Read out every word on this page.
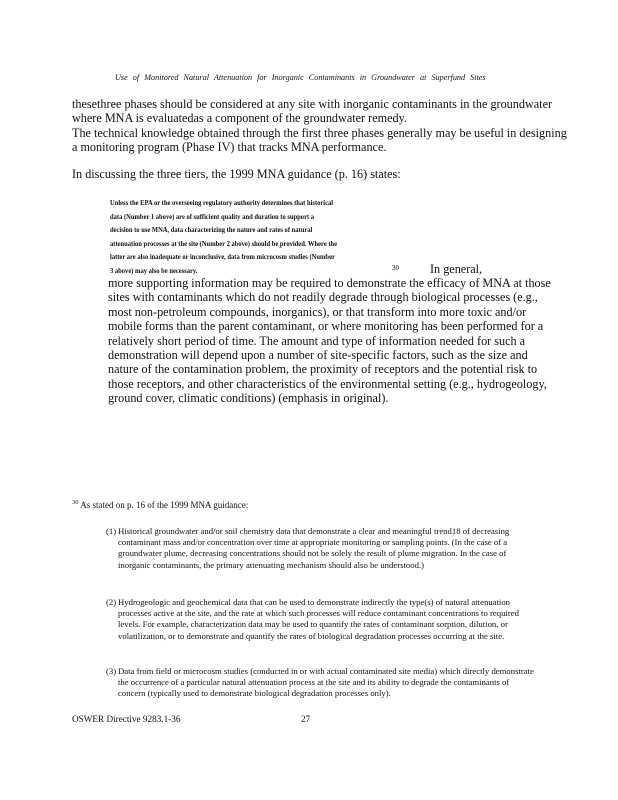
Use of Monitored Natural Attenuation for Inorganic Contaminants in Groundwater at Superfund Sites
thesethree phases should be considered at any site with inorganic contaminants in the groundwater where MNA is evaluatedas a component of the groundwater remedy.
The technical knowledge obtained through the first three phases generally may be useful in designing a monitoring program (Phase IV) that tracks MNA performance.
In discussing the three tiers, the 1999 MNA guidance (p. 16) states:
Unless the EPA or the overseeing regulatory authority determines that historical data (Number 1 above) are of sufficient quality and duration to support a decision to use MNA, data characterizing the nature and rates of natural attenuation processes at the site (Number 2 above) should be provided. Where the latter are also inadequate or inconclusive, data from microcosm studies (Number 3 above) may also be necessary.	30	In general,
more supporting information may be required to demonstrate the efficacy of MNA at those sites with contaminants which do not readily degrade through biological processes (e.g., most non-petroleum compounds, inorganics), or that transform into more toxic and/or mobile forms than the parent contaminant, or where monitoring has been performed for a relatively short period of time. The amount and type of information needed for such a demonstration will depend upon a number of site-specific factors, such as the size and nature of the contamination problem, the proximity of receptors and the potential risk to those receptors, and other characteristics of the environmental setting (e.g., hydrogeology, ground cover, climatic conditions) (emphasis in original).
$^{30}$ As stated on p. 16 of the 1999 MNA guidance:
(1) Historical groundwater and/or soil chemistry data that demonstrate a clear and meaningful trend18 of decreasing contaminant mass and/or concentration over time at appropriate monitoring or sampling points. (In the case of a groundwater plume, decreasing concentrations should not be solely the result of plume migration. In the case of inorganic contaminants, the primary attenuating mechanism should also be understood.)
(2) Hydrogeologic and geochemical data that can be used to demonstrate indirectly the type(s) of natural attenuation processes active at the site, and the rate at which such processes will reduce contaminant concentrations to required levels. For example, characterization data may be used to quantify the rates of contaminant sorption, dilution, or volatilization, or to demonstrate and quantify the rates of biological degradation processes occurring at the site.
(3) Data from field or microcosm studies (conducted in or with actual contaminated site media) which directly demonstrate the occurrence of a particular natural attenuation process at the site and its ability to degrade the contaminants of concern (typically used to demonstrate biological degradation processes only).
OSWER Directive 9283.1-36	27
